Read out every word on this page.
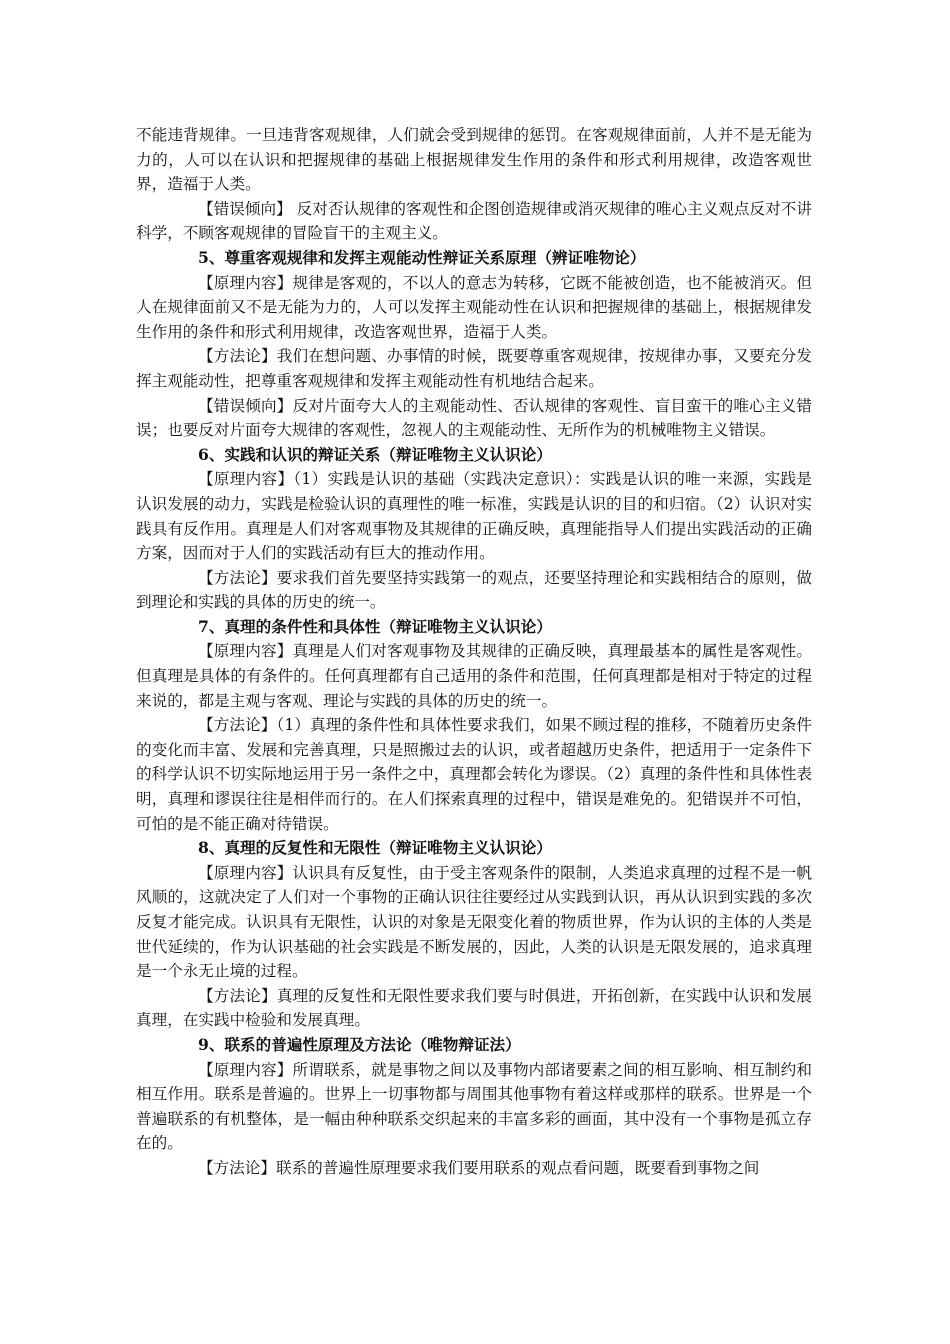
不能违背规律。一旦违背客观规律，人们就会受到规律的惩罚。在客观规律面前，人并不是无能为力的，人可以在认识和把握规律的基础上根据规律发生作用的条件和形式利用规律，改造客观世界，造福于人类。

【错误倾向】 反对否认规律的客观性和企图创造规律或消灭规律的唯心主义观点反对不讲科学，不顾客观规律的冒险盲干的主观主义。

5、尊重客观规律和发挥主观能动性辩证关系原理（辨证唯物论）

【原理内容】规律是客观的，不以人的意志为转移，它既不能被创造，也不能被消灭。但人在规律面前又不是无能为力的，人可以发挥主观能动性在认识和把握规律的基础上，根据规律发生作用的条件和形式利用规律，改造客观世界，造福于人类。

【方法论】我们在想问题、办事情的时候，既要尊重客观规律，按规律办事，又要充分发挥主观能动性，把尊重客观规律和发挥主观能动性有机地结合起来。

【错误倾向】反对片面夸大人的主观能动性、否认规律的客观性、盲目蛮干的唯心主义错误；也要反对片面夸大规律的客观性，忽视人的主观能动性、无所作为的机械唯物主义错误。

6、实践和认识的辩证关系（辩证唯物主义认识论）

【原理内容】（1）实践是认识的基础（实践决定意识）：实践是认识的唯一来源，实践是认识发展的动力，实践是检验认识的真理性的唯一标准，实践是认识的目的和归宿。（2）认识对实践具有反作用。真理是人们对客观事物及其规律的正确反映，真理能指导人们提出实践活动的正确方案，因而对于人们的实践活动有巨大的推动作用。

【方法论】要求我们首先要坚持实践第一的观点，还要坚持理论和实践相结合的原则，做到理论和实践的具体的历史的统一。

7、真理的条件性和具体性（辩证唯物主义认识论）

【原理内容】真理是人们对客观事物及其规律的正确反映，真理最基本的属性是客观性。但真理是具体的有条件的。任何真理都有自己适用的条件和范围，任何真理都是相对于特定的过程来说的，都是主观与客观、理论与实践的具体的历史的统一。

【方法论】（1）真理的条件性和具体性要求我们，如果不顾过程的推移，不随着历史条件的变化而丰富、发展和完善真理，只是照搬过去的认识，或者超越历史条件，把适用于一定条件下的科学认识不切实际地运用于另一条件之中，真理都会转化为谬误。（2）真理的条件性和具体性表明，真理和谬误往往是相伴而行的。在人们探索真理的过程中，错误是难免的。犯错误并不可怕，可怕的是不能正确对待错误。

8、真理的反复性和无限性（辩证唯物主义认识论）

【原理内容】认识具有反复性，由于受主客观条件的限制，人类追求真理的过程不是一帆风顺的，这就决定了人们对一个事物的正确认识往往要经过从实践到认识，再从认识到实践的多次反复才能完成。认识具有无限性，认识的对象是无限变化着的物质世界，作为认识的主体的人类是世代延续的，作为认识基础的社会实践是不断发展的，因此，人类的认识是无限发展的，追求真理是一个永无止境的过程。

【方法论】真理的反复性和无限性要求我们要与时俱进，开拓创新，在实践中认识和发展真理，在实践中检验和发展真理。

9、联系的普遍性原理及方法论（唯物辩证法）

【原理内容】所谓联系，就是事物之间以及事物内部诸要素之间的相互影响、相互制约和相互作用。联系是普遍的。世界上一切事物都与周围其他事物有着这样或那样的联系。世界是一个普遍联系的有机整体，是一幅由种种联系交织起来的丰富多彩的画面，其中没有一个事物是孤立存在的。

【方法论】联系的普遍性原理要求我们要用联系的观点看问题，既要看到事物之间
